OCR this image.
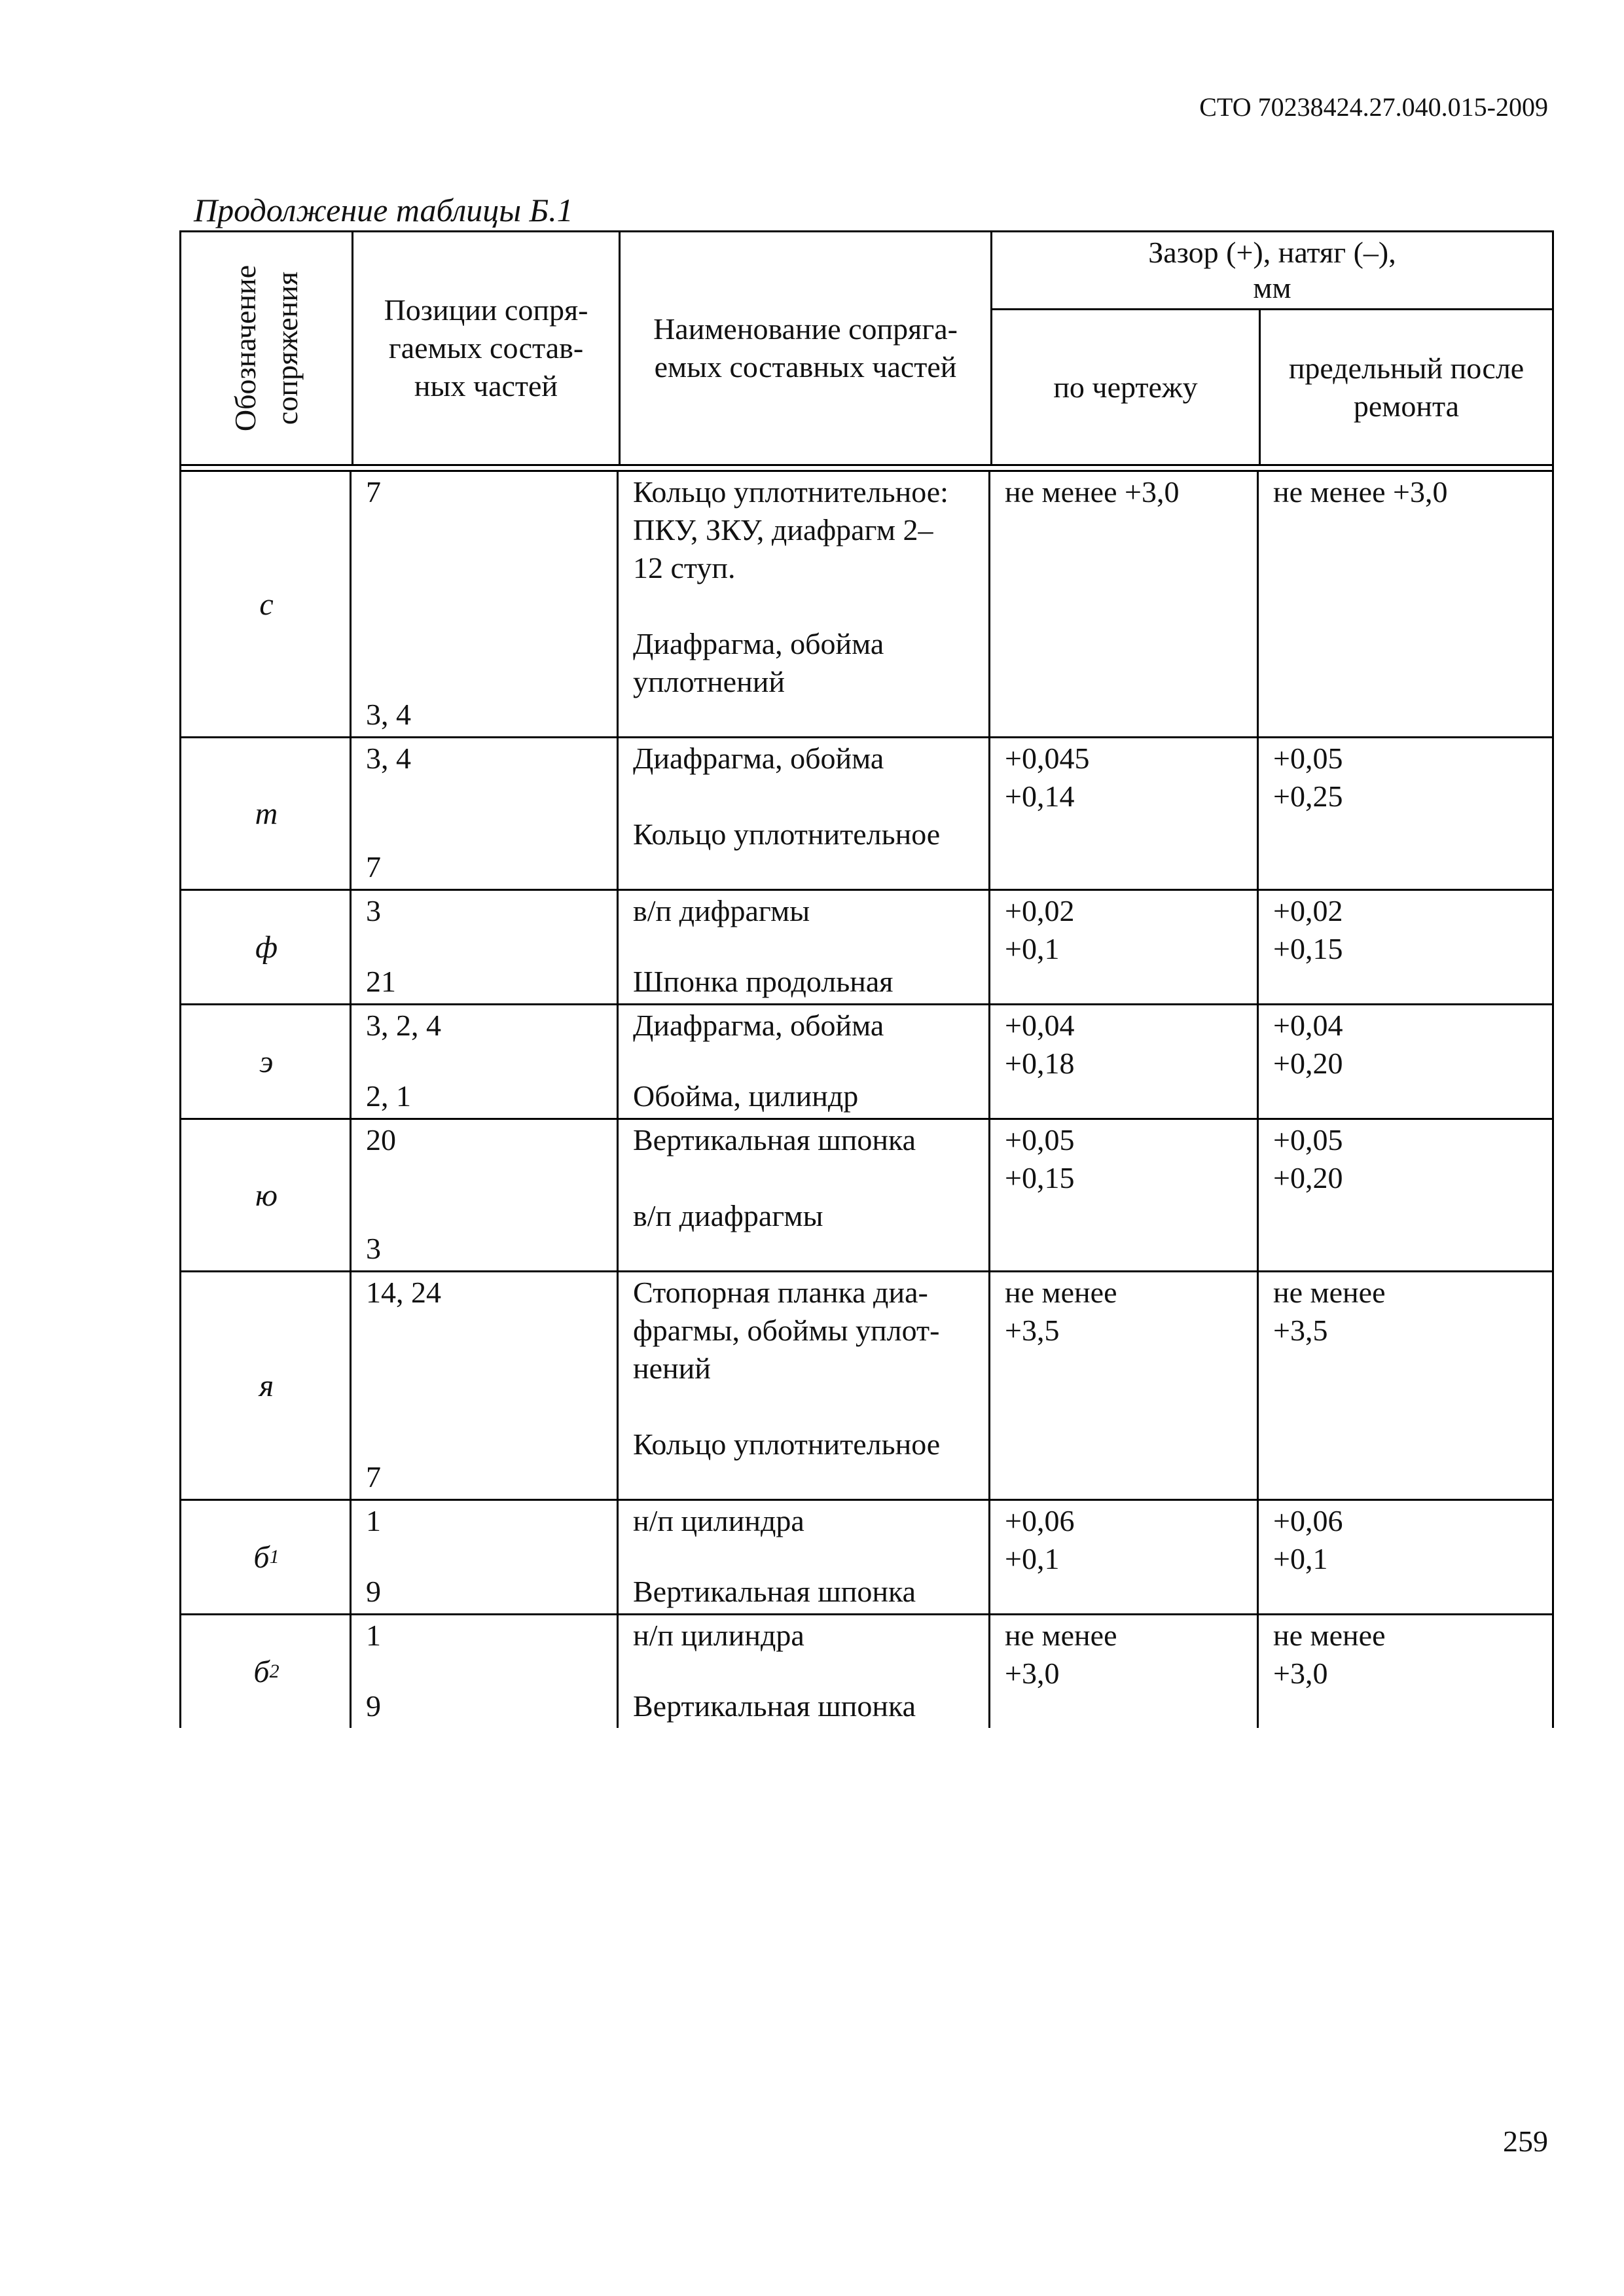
СТО 70238424.27.040.015-2009
Продолжение таблицы Б.1
Обозначение сопряжения	Позиции сопря-
гаемых состав-
ных частей
Наименование сопряга-
емых составных частей
Зазор (+), натяг (–),
мм
по чертежу
предельный после
ремонта
с
7
3, 4
Кольцо уплотнительное:
ПКУ, ЗКУ, диафрагм 2–
12 ступ.

Диафрагма, обойма
уплотнений
не менее +3,0	не менее +3,0
т
3, 4
7
Диафрагма, обойма

Кольцо уплотнительное
+0,045
+0,14
+0,05
+0,25
ф
3
21
в/п дифрагмы
Шпонка продольная
+0,02
+0,1
+0,02
+0,15
э
3, 2, 4
2, 1
Диафрагма, обойма
Обойма, цилиндр
+0,04
+0,18
+0,04
+0,20
ю
20
3
Вертикальная шпонка

в/п диафрагмы
+0,05
+0,15
+0,05
+0,20
я
14, 24
7
Стопорная планка диа-
фрагмы, обоймы уплот-
нений

Кольцо уплотнительное
не менее
+3,5
не менее
+3,5
б 1
1
9
н/п цилиндра
Вертикальная шпонка
+0,06
+0,1
+0,06
+0,1
б 2
1
9
н/п цилиндра
Вертикальная шпонка
не менее
+3,0
не менее
+3,0
259
